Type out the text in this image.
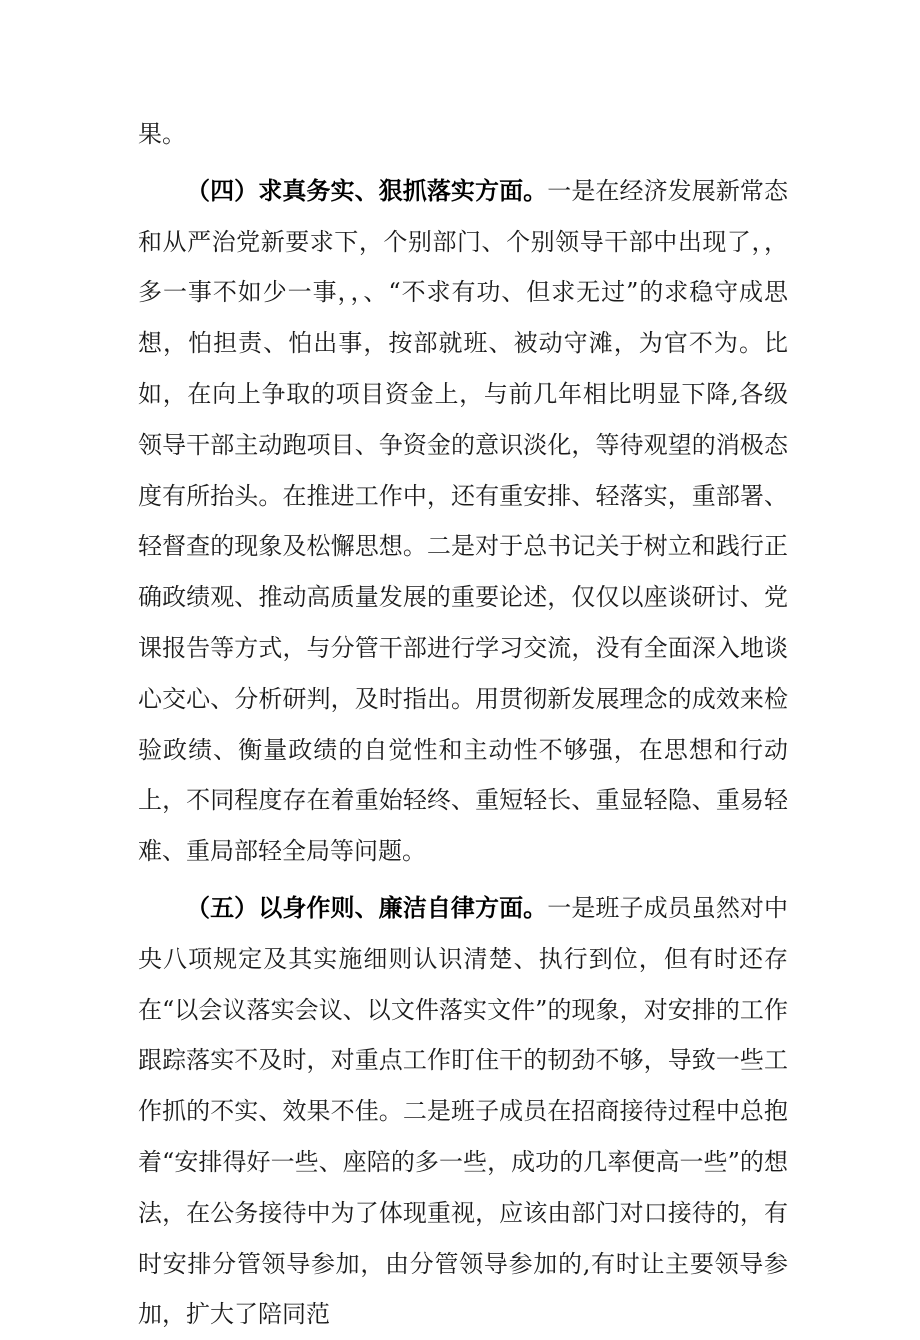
果。

（四）求真务实、狠抓落实方面。一是在经济发展新常态和从严治党新要求下，个别部门、个别领导干部中出现了，，多一事不如少一事，，、“不求有功、但求无过”的求稳守成思想，怕担责、怕出事，按部就班、被动守滩，为官不为。比如，在向上争取的项目资金上，与前几年相比明显下降,各级领导干部主动跑项目、争资金的意识淡化，等待观望的消极态度有所抬头。在推进工作中，还有重安排、轻落实，重部署、轻督查的现象及松懈思想。二是对于总书记关于树立和践行正确政绩观、推动高质量发展的重要论述，仅仅以座谈研讨、党课报告等方式，与分管干部进行学习交流，没有全面深入地谈心交心、分析研判，及时指出。用贯彻新发展理念的成效来检验政绩、衡量政绩的自觉性和主动性不够强，在思想和行动上，不同程度存在着重始轻终、重短轻长、重显轻隐、重易轻难、重局部轻全局等问题。

（五）以身作则、廉洁自律方面。一是班子成员虽然对中央八项规定及其实施细则认识清楚、执行到位，但有时还存在“以会议落实会议、以文件落实文件”的现象，对安排的工作跟踪落实不及时，对重点工作盯住干的韧劲不够，导致一些工作抓的不实、效果不佳。二是班子成员在招商接待过程中总抱着“安排得好一些、座陪的多一些，成功的几率便高一些”的想法，在公务接待中为了体现重视，应该由部门对口接待的，有时安排分管领导参加，由分管领导参加的,有时让主要领导参加，扩大了陪同范
